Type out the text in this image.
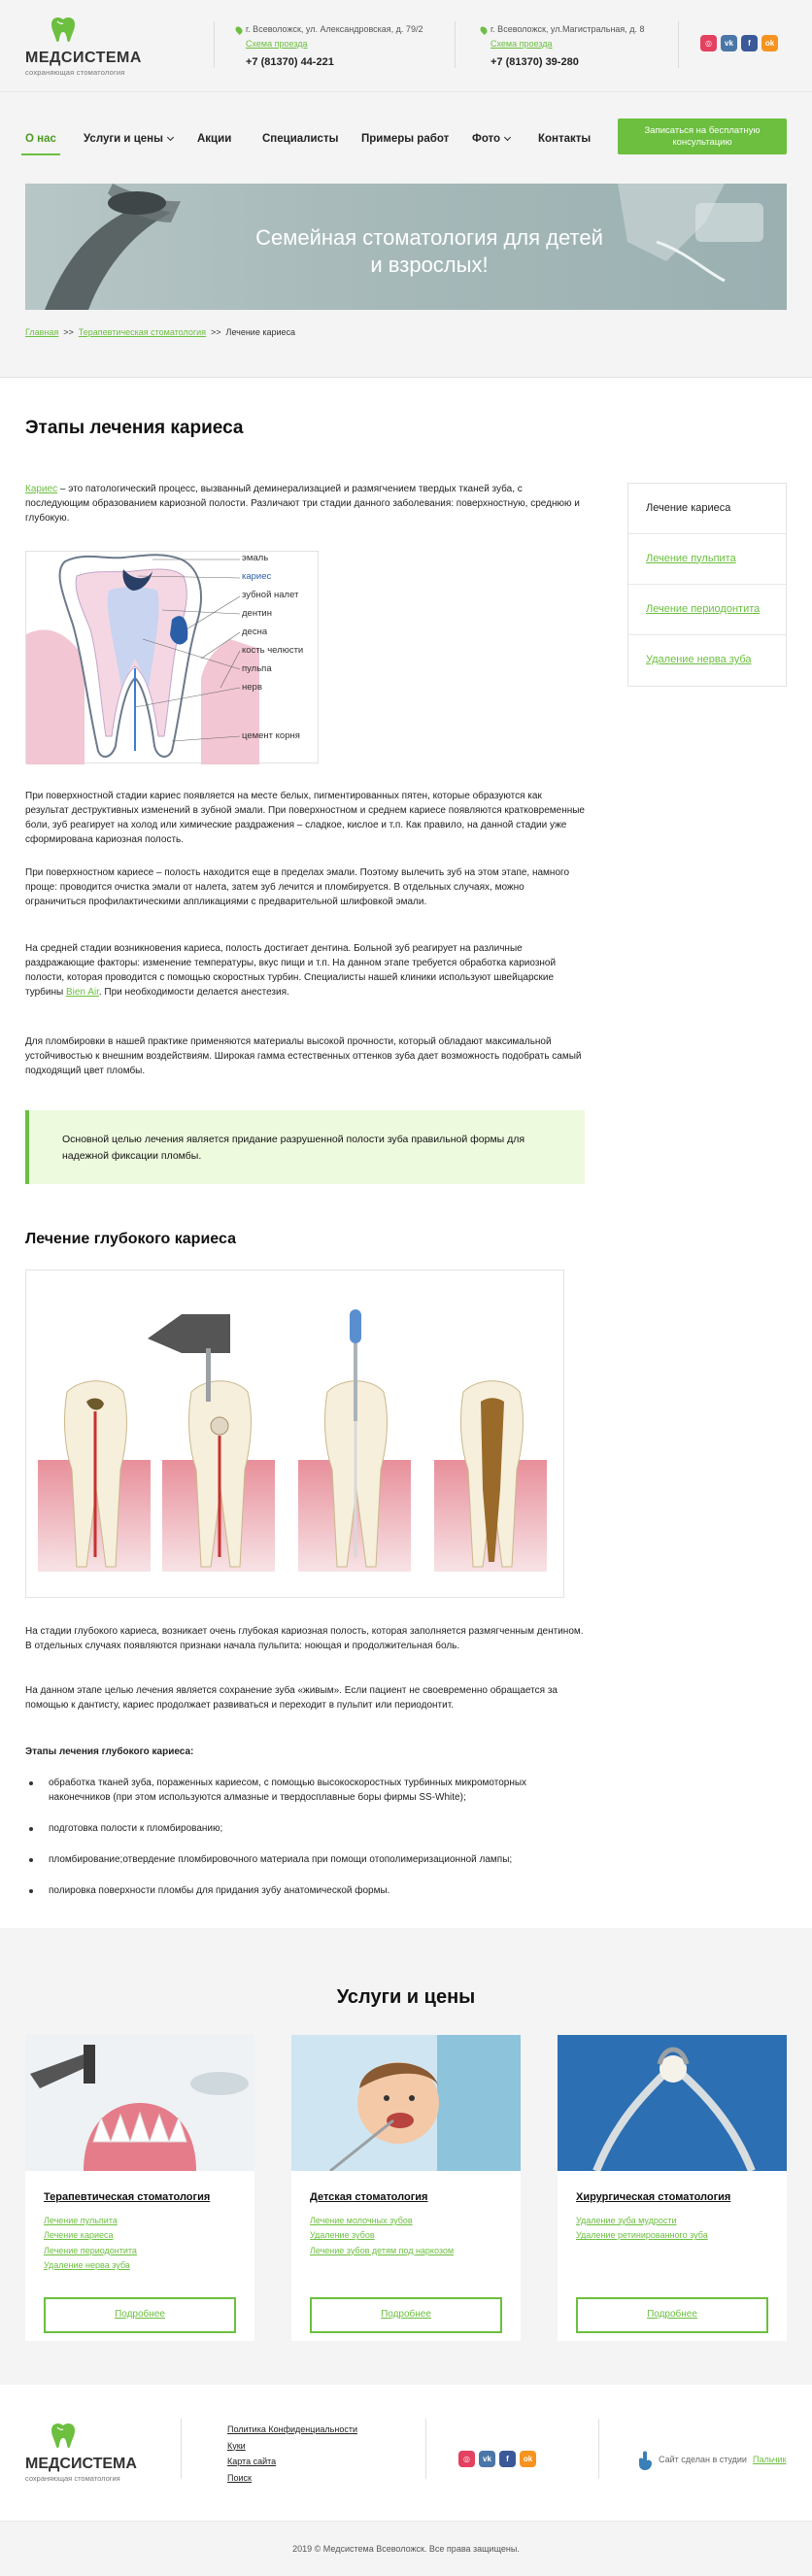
МЕДСИСТЕМА
сохраняющая стоматология
г. Всеволожск, ул. Александровская, д. 79/2
Схема проезда
+7 (81370) 44-221
г. Всеволожск, ул.Магистральная, д. 8
Схема проезда
+7 (81370) 39-280
◎	vk	f	ok
О нас Услуги и цены	Акции	Специалисты Примеры работ Фото	Контакты
Записаться на бесплатную консультацию
Семейная стоматология для детей и взрослых!
Главная >> Терапевтическая стоматология >> Лечение кариеса
Этапы лечения кариеса
Кариес – это патологический процесс, вызванный деминерализацией и размягчением твердых тканей зуба, с последующим образованием кариозной полости. Различают три стадии данного заболевания: поверхностную, среднюю и глубокую.
Лечение кариеса
Лечение пульпита
Лечение периодонтита
Удаление нерва зуба
эмаль
кариес
зубной налет
дентин
десна
кость челюсти
пульпа
нерв
цемент корня
При поверхностной стадии кариес появляется на месте белых, пигментированных пятен, которые образуются как результат деструктивных изменений в зубной эмали. При поверхностном и среднем кариесе появляются кратковременные боли, зуб реагирует на холод или химические раздражения – сладкое, кислое и т.п. Как правило, на данной стадии уже сформирована кариозная полость.
При поверхностном кариесе – полость находится еще в пределах эмали. Поэтому вылечить зуб на этом этапе, намного проще: проводится очистка эмали от налета, затем зуб лечится и пломбируется. В отдельных случаях, можно ограничиться профилактическими аппликациями с предварительной шлифовкой эмали.
На средней стадии возникновения кариеса, полость достигает дентина. Больной зуб реагирует на различные раздражающие факторы: изменение температуры, вкус пищи и т.п. На данном этапе требуется обработка кариозной полости, которая проводится с помощью скоростных турбин. Специалисты нашей клиники используют швейцарские турбины Bien Air. При необходимости делается анестезия.
Для пломбировки в нашей практике применяются материалы высокой прочности, который обладают максимальной устойчивостью к внешним воздействиям. Широкая гамма естественных оттенков зуба дает возможность подобрать самый подходящий цвет пломбы.
Основной целью лечения является придание разрушенной полости зуба правильной формы для надежной фиксации пломбы.
Лечение глубокого кариеса
На стадии глубокого кариеса, возникает очень глубокая кариозная полость, которая заполняется размягченным дентином. В отдельных случаях появляются признаки начала пульпита: ноющая и продолжительная боль.
На данном этапе целью лечения является сохранение зуба «живым». Если пациент не своевременно обращается за помощью к дантисту, кариес продолжает развиваться и переходит в пульпит или периодонтит.
Этапы лечения глубокого кариеса:
обработка тканей зуба, пораженных кариесом, с помощью высокоскоростных турбинных микромоторных наконечников (при этом используются алмазные и твердосплавные боры фирмы SS-White);
подготовка полости к пломбированию;
пломбирование;отвердение пломбировочного материала при помощи отополимеризационной лампы;
полировка поверхности пломбы для придания зубу анатомической формы.
Услуги и цены
Терапевтическая стоматология
Лечение пульпита
Лечение кариеса
Лечение периодонтита
Удаление нерва зуба
Подробнее
Детская стоматология
Лечение молочных зубов
Удаление зубов
Лечение зубов детям под наркозом
Подробнее
Хирургическая стоматология
Удаление зуба мудрости
Удаление ретинированного зуба
Подробнее
МЕДСИСТЕМА
сохраняющая стоматология
Политика Конфиденциальности
Куки
Карта сайта
Поиск
◎	vk	f	ok	Сайт сделан в студии Пальчик
2019 © Медсистема Всеволожск. Все права защищены.
